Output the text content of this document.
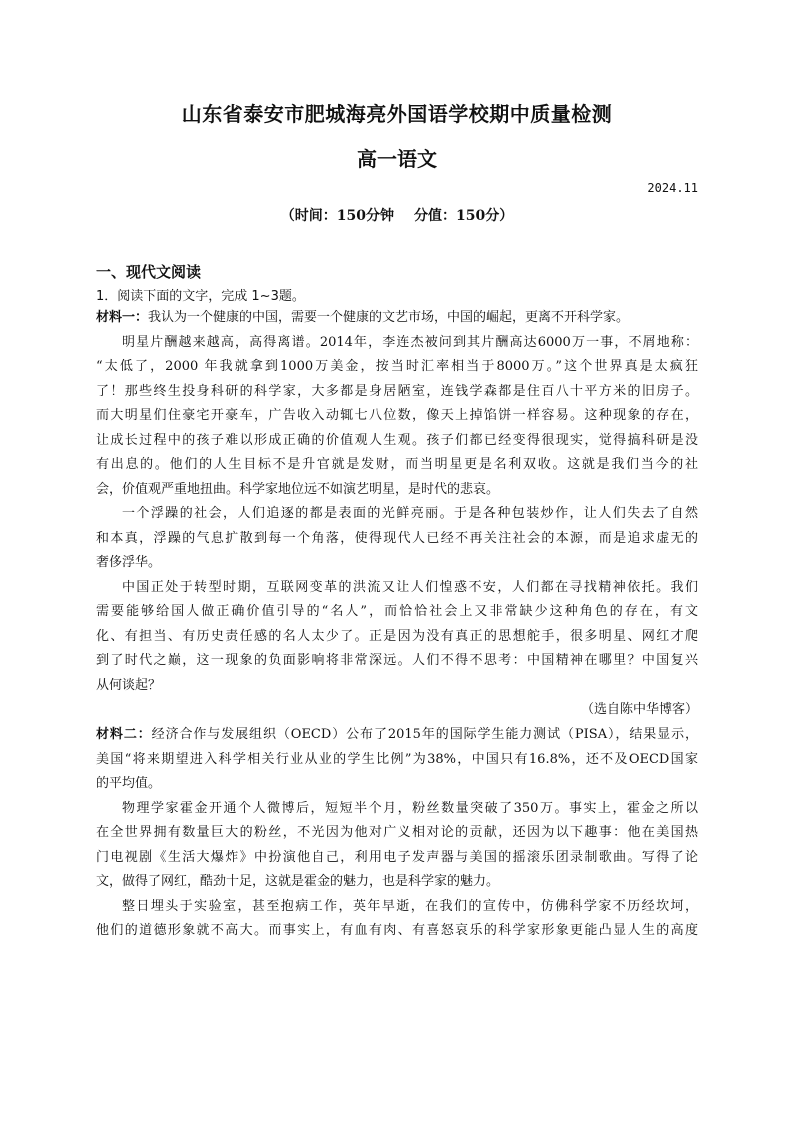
山东省泰安市肥城海亮外国语学校期中质量检测
高一语文
2024.11
（时间：150分钟 分值：150分）
一、现代文阅读
1．阅读下面的文字，完成 1~3题。
材料一：我认为一个健康的中国，需要一个健康的文艺市场，中国的崛起，更离不开科学家。
明星片酬越来越高，高得离谱。2014年，李连杰被问到其片酬高达6000万一事，不屑地称：
“太低了，2000 年我就拿到1000万美金，按当时汇率相当于8000万。”这个世界真是太疯狂
了！那些终生投身科研的科学家，大多都是身居陋室，连钱学森都是住百八十平方米的旧房子。
而大明星们住豪宅开豪车，广告收入动辄七八位数，像天上掉馅饼一样容易。这种现象的存在，
让成长过程中的孩子难以形成正确的价值观人生观。孩子们都已经变得很现实，觉得搞科研是没
有出息的。他们的人生目标不是升官就是发财，而当明星更是名利双收。这就是我们当今的社
会，价值观严重地扭曲。科学家地位远不如演艺明星，是时代的悲哀。
一个浮躁的社会，人们追逐的都是表面的光鲜亮丽。于是各种包装炒作，让人们失去了自然
和本真，浮躁的气息扩散到每一个角落，使得现代人已经不再关注社会的本源，而是追求虚无的
奢侈浮华。
中国正处于转型时期，互联网变革的洪流又让人们惶惑不安，人们都在寻找精神依托。我们
需要能够给国人做正确价值引导的“名人”，而恰恰社会上又非常缺少这种角色的存在，有文
化、有担当、有历史责任感的名人太少了。正是因为没有真正的思想舵手，很多明星、网红才爬
到了时代之巅，这一现象的负面影响将非常深远。人们不得不思考：中国精神在哪里？中国复兴
从何谈起？
（选自陈中华博客）
材料二：经济合作与发展组织（OECD）公布了2015年的国际学生能力测试（PISA），结果显示，
美国“将来期望进入科学相关行业从业的学生比例”为38%，中国只有16.8%，还不及OECD国家
的平均值。
物理学家霍金开通个人微博后，短短半个月，粉丝数量突破了350万。事实上，霍金之所以
在全世界拥有数量巨大的粉丝，不光因为他对广义相对论的贡献，还因为以下趣事：他在美国热
门电视剧《生活大爆炸》中扮演他自己，利用电子发声器与美国的摇滚乐团录制歌曲。写得了论
文，做得了网红，酷劲十足，这就是霍金的魅力，也是科学家的魅力。
整日埋头于实验室，甚至抱病工作，英年早逝，在我们的宣传中，仿佛科学家不历经坎坷，
他们的道德形象就不高大。而事实上，有血有肉、有喜怒哀乐的科学家形象更能凸显人生的高度
